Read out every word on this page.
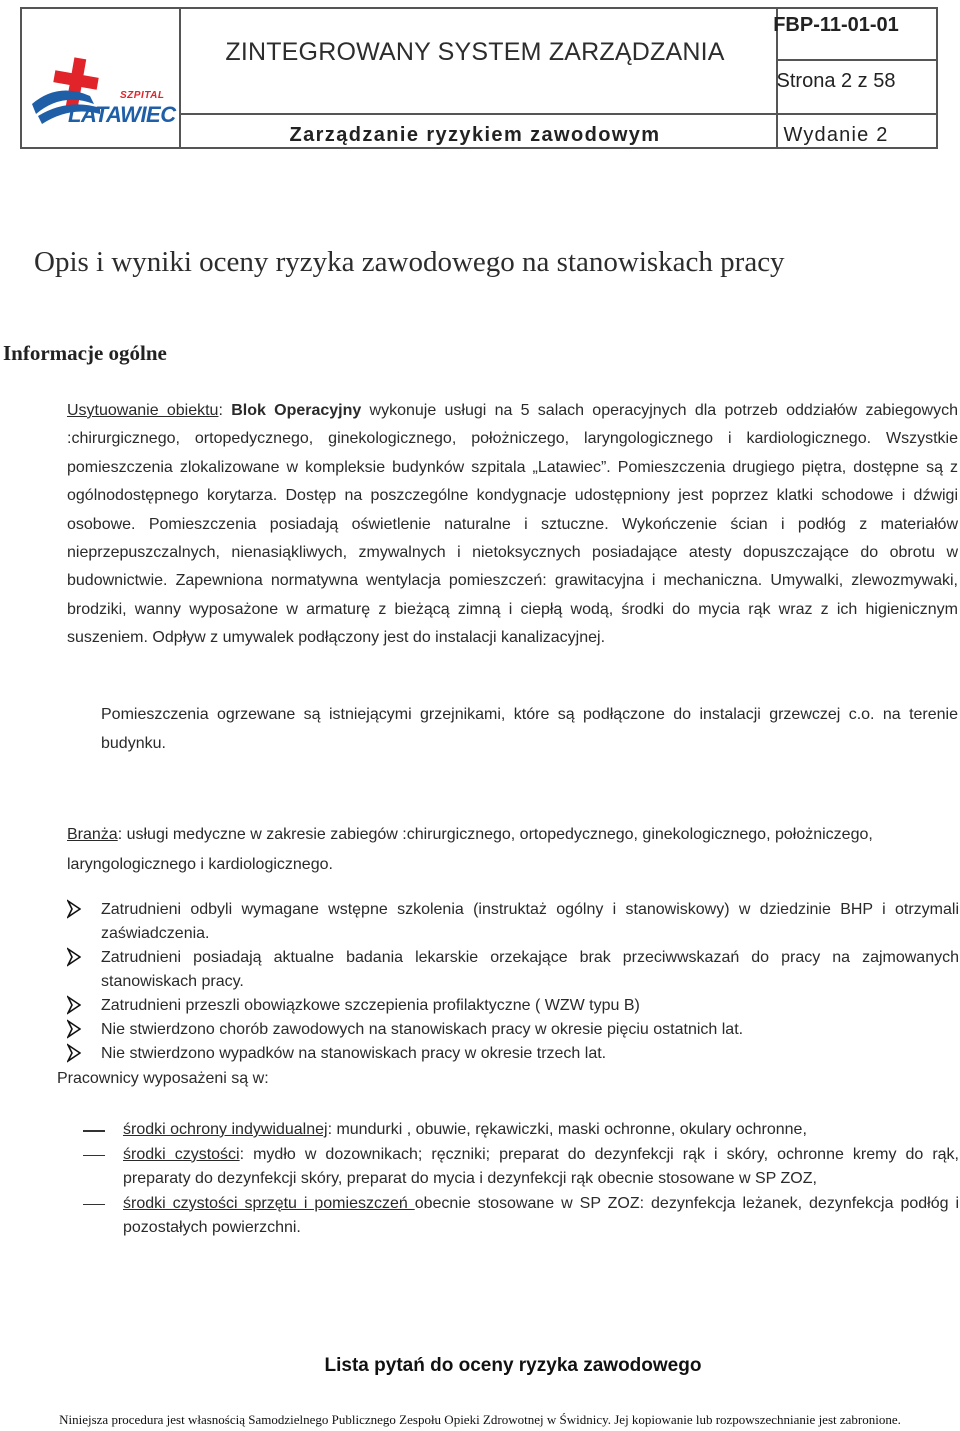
SZPITAL
LATAWIEC
ZINTEGROWANY SYSTEM ZARZĄDZANIA
Zarządzanie ryzykiem zawodowym
FBP-11-01-01
Strona 2 z 58
Wydanie 2
Opis i wyniki oceny ryzyka zawodowego na stanowiskach pracy
Informacje ogólne
Usytuowanie obiektu: Blok Operacyjny wykonuje usługi na 5 salach operacyjnych dla potrzeb oddziałów zabiegowych :chirurgicznego, ortopedycznego, ginekologicznego, położniczego, laryngologicznego i kardiologicznego. Wszystkie pomieszczenia zlokalizowane w kompleksie budynków szpitala „Latawiec”. Pomieszczenia drugiego piętra, dostępne są z ogólnodostępnego korytarza. Dostęp na poszczególne kondygnacje udostępniony jest poprzez klatki schodowe i dźwigi osobowe. Pomieszczenia posiadają oświetlenie naturalne i sztuczne. Wykończenie ścian i podłóg z materiałów nieprzepuszczalnych, nienasiąkliwych, zmywalnych i nietoksycznych posiadające atesty dopuszczające do obrotu w budownictwie. Zapewniona normatywna wentylacja pomieszczeń: grawitacyjna i mechaniczna. Umywalki, zlewozmywaki, brodziki, wanny wyposażone w armaturę z bieżącą zimną i ciepłą wodą, środki do mycia rąk wraz z ich higienicznym suszeniem. Odpływ z umywalek podłączony jest do instalacji kanalizacyjnej.
Pomieszczenia ogrzewane są istniejącymi grzejnikami, które są podłączone do instalacji grzewczej c.o. na terenie budynku.
Branża: usługi medyczne w zakresie zabiegów :chirurgicznego, ortopedycznego, ginekologicznego, położniczego, laryngologicznego i kardiologicznego.
Zatrudnieni odbyli wymagane wstępne szkolenia (instruktaż ogólny i stanowiskowy) w dziedzinie BHP i otrzymali zaświadczenia.
Zatrudnieni posiadają aktualne badania lekarskie orzekające brak przeciwwskazań do pracy na zajmowanych stanowiskach pracy.
Zatrudnieni przeszli obowiązkowe szczepienia profilaktyczne ( WZW typu B)
Nie stwierdzono chorób zawodowych na stanowiskach pracy w okresie pięciu ostatnich lat.
Nie stwierdzono wypadków na stanowiskach pracy w okresie trzech lat.
Pracownicy wyposażeni są w:
środki ochrony indywidualnej: mundurki , obuwie, rękawiczki, maski ochronne, okulary ochronne,
środki czystości: mydło w dozownikach; ręczniki; preparat do dezynfekcji rąk i skóry, ochronne kremy do rąk, preparaty do dezynfekcji skóry, preparat do mycia i dezynfekcji rąk obecnie stosowane w SP ZOZ,
środki czystości sprzętu i pomieszczeń obecnie stosowane w SP ZOZ: dezynfekcja leżanek, dezynfekcja podłóg i pozostałych powierzchni.
Lista pytań do oceny ryzyka zawodowego
Niniejsza procedura jest własnością Samodzielnego Publicznego Zespołu Opieki Zdrowotnej w Świdnicy. Jej kopiowanie lub rozpowszechnianie jest zabronione.
